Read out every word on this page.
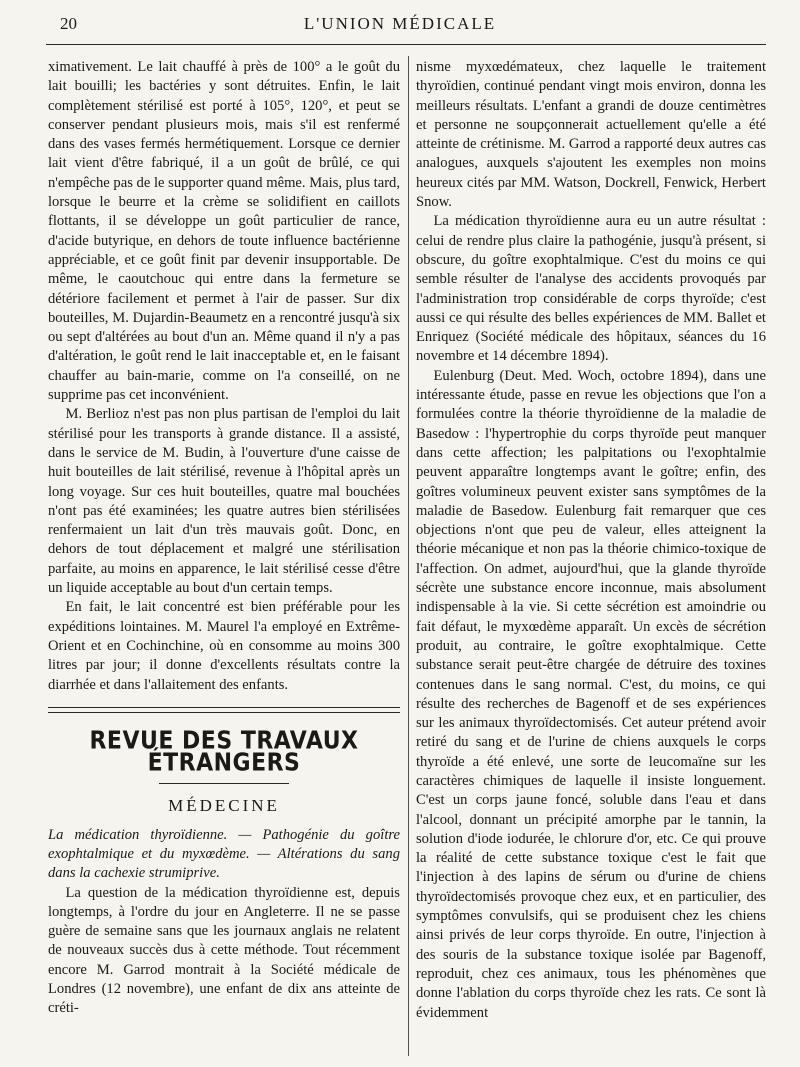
20	L'UNION MÉDICALE

ximativement. Le lait chauffé à près de 100° a le goût du lait bouilli; les bactéries y sont détruites. Enfin, le lait complètement stérilisé est porté à 105°, 120°, et peut se conserver pendant plusieurs mois, mais s'il est renfermé dans des vases fermés hermétiquement. Lorsque ce dernier lait vient d'être fabriqué, il a un goût de brûlé, ce qui n'empêche pas de le supporter quand même. Mais, plus tard, lorsque le beurre et la crème se solidifient en caillots flottants, il se développe un goût particulier de rance, d'acide butyrique, en dehors de toute influence bactérienne appréciable, et ce goût finit par devenir insupportable. De même, le caoutchouc qui entre dans la fermeture se détériore facilement et permet à l'air de passer. Sur dix bouteilles, M. Dujardin-Beaumetz en a rencontré jusqu'à six ou sept d'altérées au bout d'un an. Même quand il n'y a pas d'altération, le goût rend le lait inacceptable et, en le faisant chauffer au bain-marie, comme on l'a conseillé, on ne supprime pas cet inconvénient.

M. Berlioz n'est pas non plus partisan de l'emploi du lait stérilisé pour les transports à grande distance. Il a assisté, dans le service de M. Budin, à l'ouverture d'une caisse de huit bouteilles de lait stérilisé, revenue à l'hôpital après un long voyage. Sur ces huit bouteilles, quatre mal bouchées n'ont pas été examinées; les quatre autres bien stérilisées renfermaient un lait d'un très mauvais goût. Donc, en dehors de tout déplacement et malgré une stérilisation parfaite, au moins en apparence, le lait stérilisé cesse d'être un liquide acceptable au bout d'un certain temps.

En fait, le lait concentré est bien préférable pour les expéditions lointaines. M. Maurel l'a employé en Extrême-Orient et en Cochinchine, où en consomme au moins 300 litres par jour; il donne d'excellents résultats contre la diarrhée et dans l'allaitement des enfants.

REVUE DES TRAVAUX ÉTRANGERS
MÉDECINE

La médication thyroïdienne. — Pathogénie du goître exophtalmique et du myxœdème. — Altérations du sang dans la cachexie strumiprive.

La question de la médication thyroïdienne est, depuis longtemps, à l'ordre du jour en Angleterre. Il ne se passe guère de semaine sans que les journaux anglais ne relatent de nouveaux succès dus à cette méthode. Tout récemment encore M. Garrod montrait à la Société médicale de Londres (12 novembre), une enfant de dix ans atteinte de créti-

nisme myxœdémateux, chez laquelle le traitement thyroïdien, continué pendant vingt mois environ, donna les meilleurs résultats. L'enfant a grandi de douze centimètres et personne ne soupçonnerait actuellement qu'elle a été atteinte de crétinisme. M. Garrod a rapporté deux autres cas analogues, auxquels s'ajoutent les exemples non moins heureux cités par MM. Watson, Dockrell, Fenwick, Herbert Snow.

La médication thyroïdienne aura eu un autre résultat : celui de rendre plus claire la pathogénie, jusqu'à présent, si obscure, du goître exophtalmique. C'est du moins ce qui semble résulter de l'analyse des accidents provoqués par l'administration trop considérable de corps thyroïde; c'est aussi ce qui résulte des belles expériences de MM. Ballet et Enriquez (Société médicale des hôpitaux, séances du 16 novembre et 14 décembre 1894).

Eulenburg (Deut. Med. Woch, octobre 1894), dans une intéressante étude, passe en revue les objections que l'on a formulées contre la théorie thyroïdienne de la maladie de Basedow : l'hypertrophie du corps thyroïde peut manquer dans cette affection; les palpitations ou l'exophtalmie peuvent apparaître longtemps avant le goître; enfin, des goîtres volumineux peuvent exister sans symptômes de la maladie de Basedow. Eulenburg fait remarquer que ces objections n'ont que peu de valeur, elles atteignent la théorie mécanique et non pas la théorie chimico-toxique de l'affection. On admet, aujourd'hui, que la glande thyroïde sécrète une substance encore inconnue, mais absolument indispensable à la vie. Si cette sécrétion est amoindrie ou fait défaut, le myxœdème apparaît. Un excès de sécrétion produit, au contraire, le goître exophtalmique. Cette substance serait peut-être chargée de détruire des toxines contenues dans le sang normal. C'est, du moins, ce qui résulte des recherches de Bagenoff et de ses expériences sur les animaux thyroïdectomisés. Cet auteur prétend avoir retiré du sang et de l'urine de chiens auxquels le corps thyroïde a été enlevé, une sorte de leucomaïne sur les caractères chimiques de laquelle il insiste longuement. C'est un corps jaune foncé, soluble dans l'eau et dans l'alcool, donnant un précipité amorphe par le tannin, la solution d'iode iodurée, le chlorure d'or, etc. Ce qui prouve la réalité de cette substance toxique c'est le fait que l'injection à des lapins de sérum ou d'urine de chiens thyroïdectomisés provoque chez eux, et en particulier, des symptômes convulsifs, qui se produisent chez les chiens ainsi privés de leur corps thyroïde. En outre, l'injection à des souris de la substance toxique isolée par Bagenoff, reproduit, chez ces animaux, tous les phénomènes que donne l'ablation du corps thyroïde chez les rats. Ce sont là évidemment
